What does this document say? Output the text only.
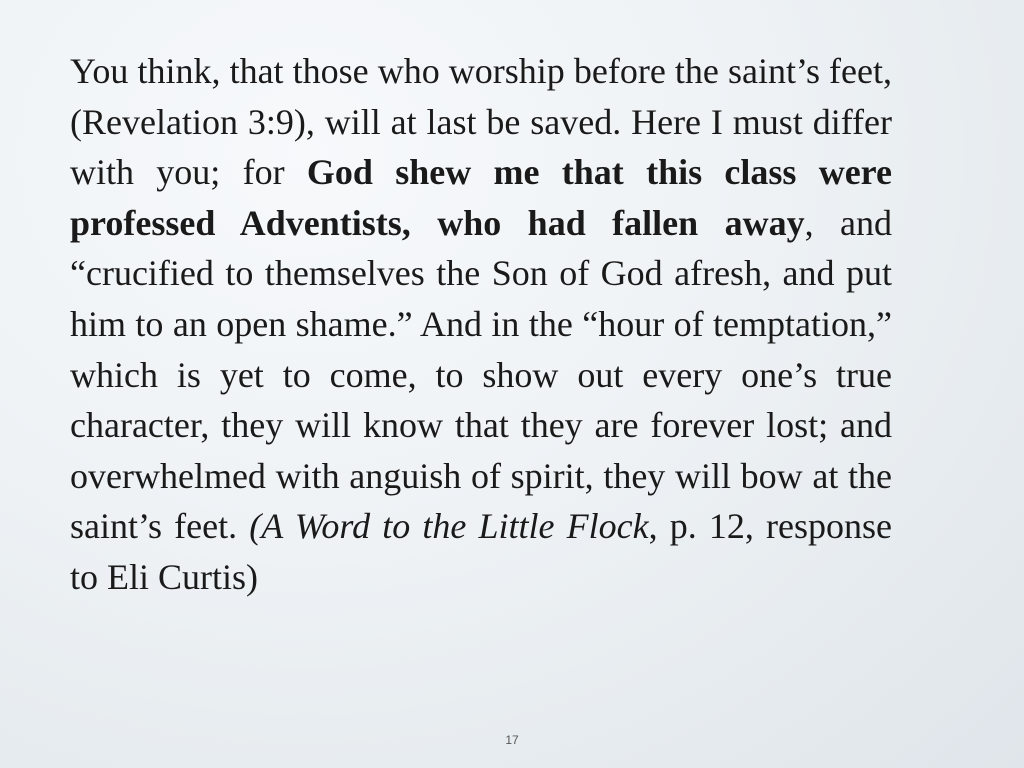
You think, that those who worship before the saint’s feet, (Revelation 3:9), will at last be saved. Here I must differ with you; for God shew me that this class were professed Adventists, who had fallen away, and “crucified to themselves the Son of God afresh, and put him to an open shame.” And in the “hour of temptation,” which is yet to come, to show out every one’s true character, they will know that they are forever lost; and overwhelmed with anguish of spirit, they will bow at the saint’s feet. (A Word to the Little Flock, p. 12, response to Eli Curtis)

17
